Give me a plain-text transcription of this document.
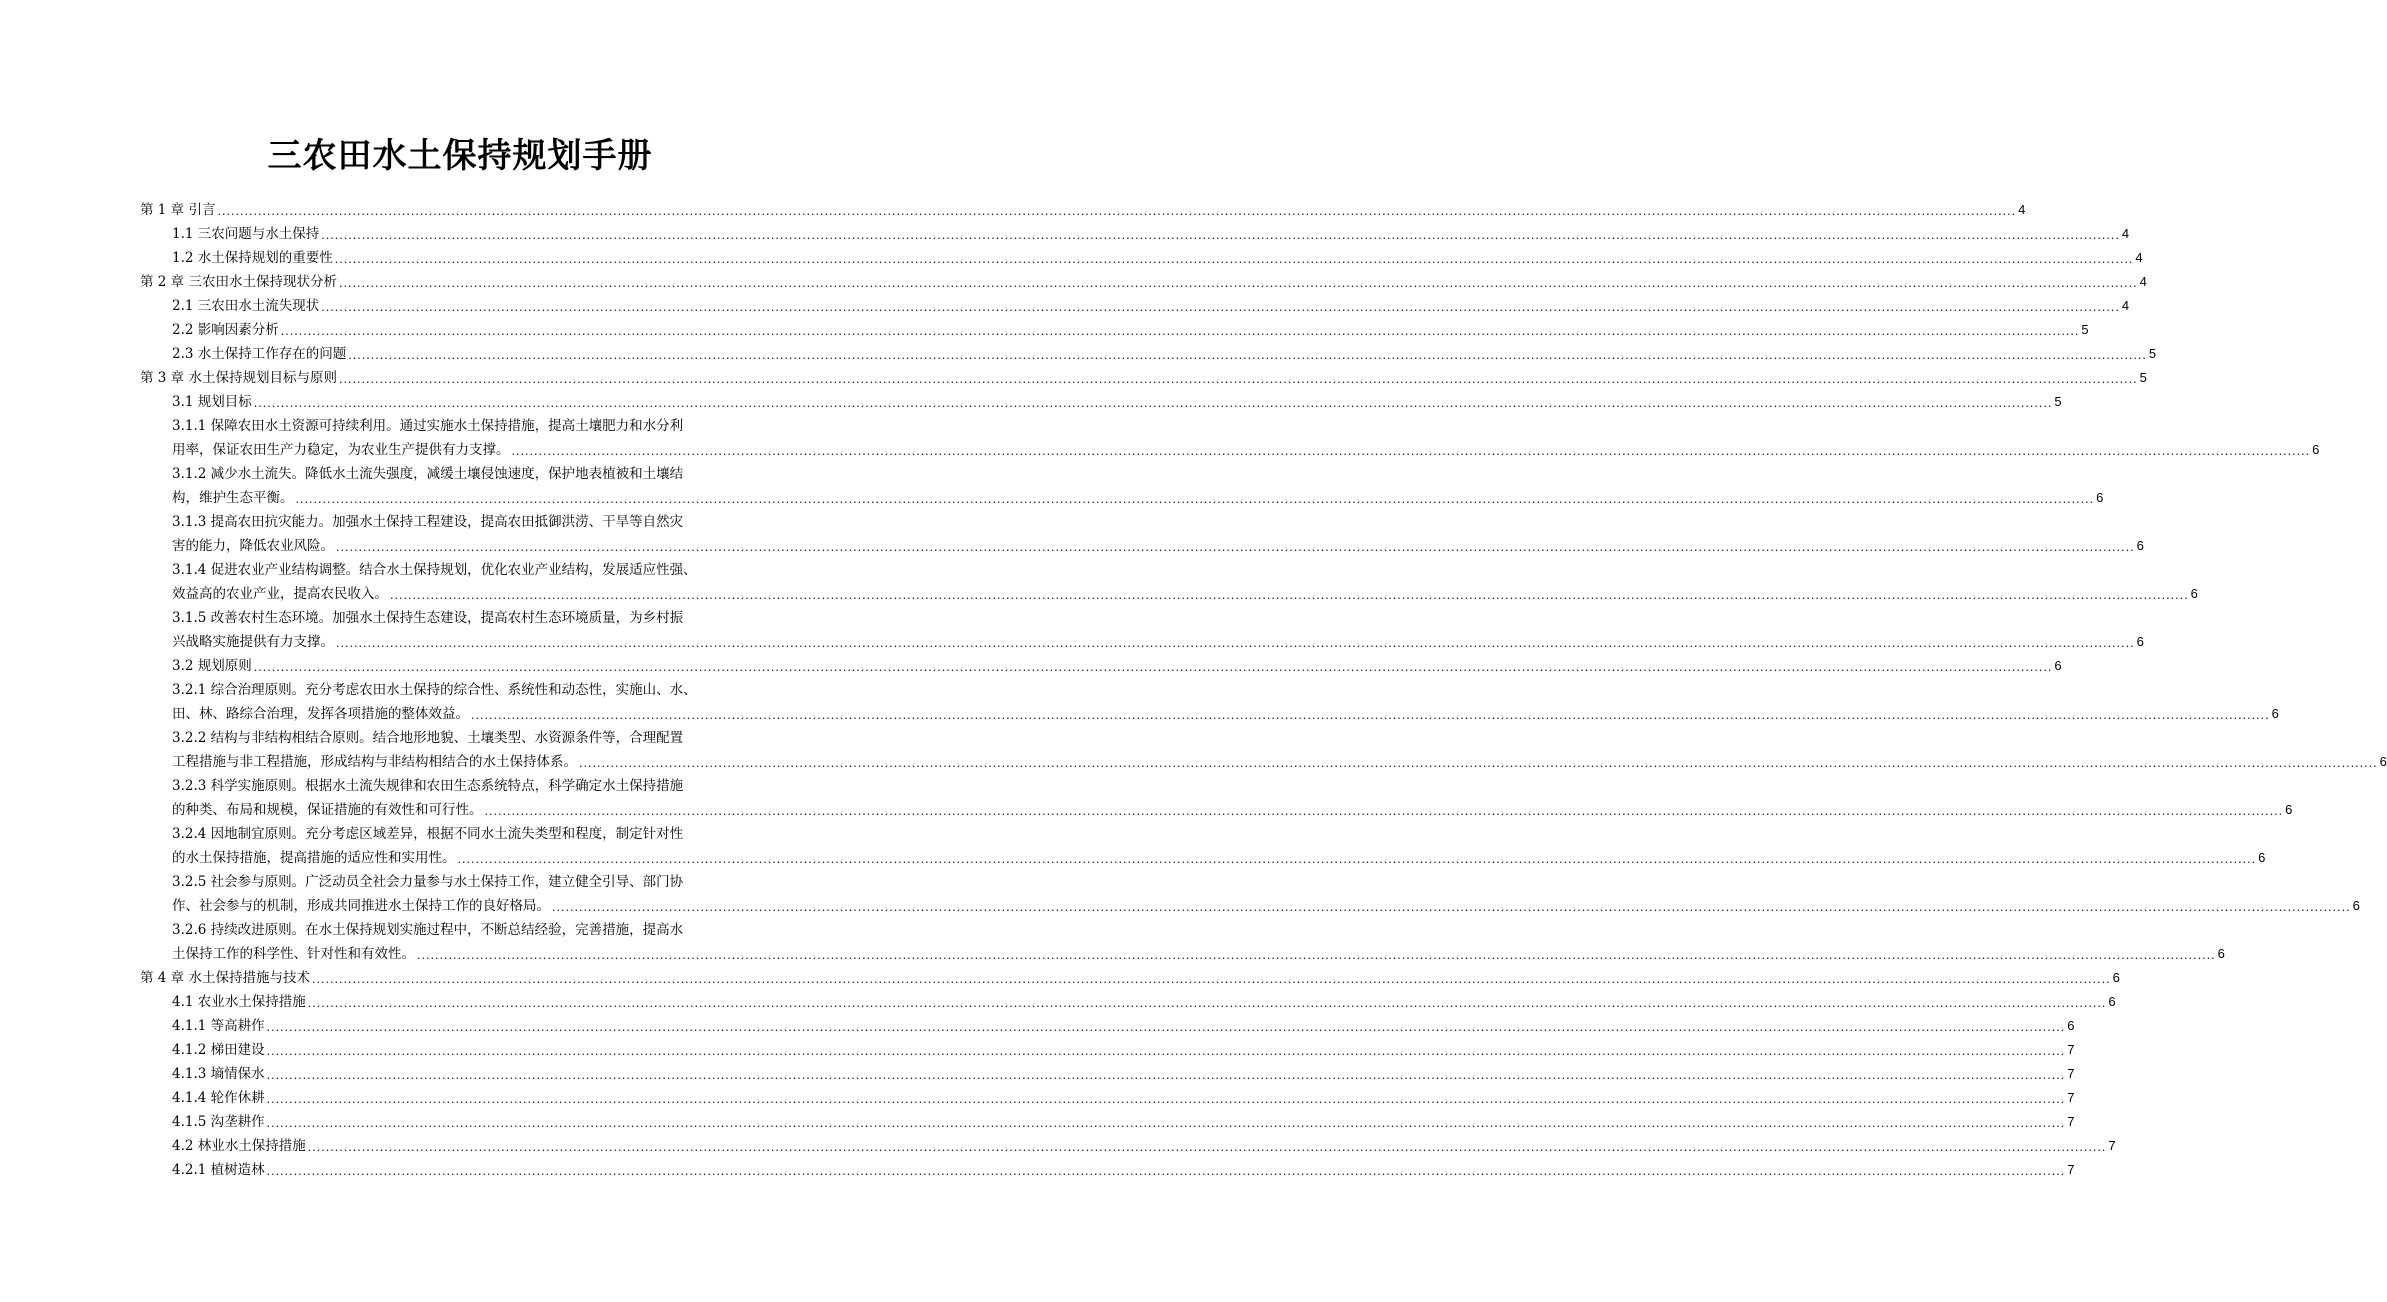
三农田水土保持规划手册
第 1 章 引言 ................................................................................................................................................................................................................................................................................................................................................................................................................ 4
1.1 三农问题与水土保持 ................................................................................................................................................................................................................................................................................................................................................................................................................ 4
1.2 水土保持规划的重要性 ................................................................................................................................................................................................................................................................................................................................................................................................................ 4
第 2 章 三农田水土保持现状分析 ................................................................................................................................................................................................................................................................................................................................................................................................................ 4
2.1 三农田水土流失现状 ................................................................................................................................................................................................................................................................................................................................................................................................................ 4
2.2 影响因素分析 ................................................................................................................................................................................................................................................................................................................................................................................................................ 5
2.3 水土保持工作存在的问题 ................................................................................................................................................................................................................................................................................................................................................................................................................ 5
第 3 章 水土保持规划目标与原则 ................................................................................................................................................................................................................................................................................................................................................................................................................ 5
3.1 规划目标 ................................................................................................................................................................................................................................................................................................................................................................................................................ 5
3.1.1 保障农田水土资源可持续利用。通过实施水土保持措施，提高土壤肥力和水分利
用率，保证农田生产力稳定，为农业生产提供有力支撑。 ................................................................................................................................................................................................................................................................................................................................................................................................................ 6
3.1.2 减少水土流失。降低水土流失强度，减缓土壤侵蚀速度，保护地表植被和土壤结
构，维护生态平衡。 ................................................................................................................................................................................................................................................................................................................................................................................................................ 6
3.1.3 提高农田抗灾能力。加强水土保持工程建设，提高农田抵御洪涝、干旱等自然灾
害的能力，降低农业风险。 ................................................................................................................................................................................................................................................................................................................................................................................................................ 6
3.1.4 促进农业产业结构调整。结合水土保持规划，优化农业产业结构，发展适应性强、
效益高的农业产业，提高农民收入。 ................................................................................................................................................................................................................................................................................................................................................................................................................ 6
3.1.5 改善农村生态环境。加强水土保持生态建设，提高农村生态环境质量，为乡村振
兴战略实施提供有力支撑。 ................................................................................................................................................................................................................................................................................................................................................................................................................ 6
3.2 规划原则 ................................................................................................................................................................................................................................................................................................................................................................................................................ 6
3.2.1 综合治理原则。充分考虑农田水土保持的综合性、系统性和动态性，实施山、水、
田、林、路综合治理，发挥各项措施的整体效益。 ................................................................................................................................................................................................................................................................................................................................................................................................................ 6
3.2.2 结构与非结构相结合原则。结合地形地貌、土壤类型、水资源条件等，合理配置
工程措施与非工程措施，形成结构与非结构相结合的水土保持体系。 ................................................................................................................................................................................................................................................................................................................................................................................................................ 6
3.2.3 科学实施原则。根据水土流失规律和农田生态系统特点，科学确定水土保持措施
的种类、布局和规模，保证措施的有效性和可行性。 ................................................................................................................................................................................................................................................................................................................................................................................................................ 6
3.2.4 因地制宜原则。充分考虑区域差异，根据不同水土流失类型和程度，制定针对性
的水土保持措施，提高措施的适应性和实用性。 ................................................................................................................................................................................................................................................................................................................................................................................................................ 6
3.2.5 社会参与原则。广泛动员全社会力量参与水土保持工作，建立健全引导、部门协
作、社会参与的机制，形成共同推进水土保持工作的良好格局。 ................................................................................................................................................................................................................................................................................................................................................................................................................ 6
3.2.6 持续改进原则。在水土保持规划实施过程中，不断总结经验，完善措施，提高水
土保持工作的科学性、针对性和有效性。 ................................................................................................................................................................................................................................................................................................................................................................................................................ 6
第 4 章 水土保持措施与技术 ................................................................................................................................................................................................................................................................................................................................................................................................................ 6
4.1 农业水土保持措施 ................................................................................................................................................................................................................................................................................................................................................................................................................ 6
4.1.1 等高耕作 ................................................................................................................................................................................................................................................................................................................................................................................................................ 6
4.1.2 梯田建设 ................................................................................................................................................................................................................................................................................................................................................................................................................ 7
4.1.3 墒情保水 ................................................................................................................................................................................................................................................................................................................................................................................................................ 7
4.1.4 轮作休耕 ................................................................................................................................................................................................................................................................................................................................................................................................................ 7
4.1.5 沟垄耕作 ................................................................................................................................................................................................................................................................................................................................................................................................................ 7
4.2 林业水土保持措施 ................................................................................................................................................................................................................................................................................................................................................................................................................ 7
4.2.1 植树造林 ................................................................................................................................................................................................................................................................................................................................................................................................................ 7
